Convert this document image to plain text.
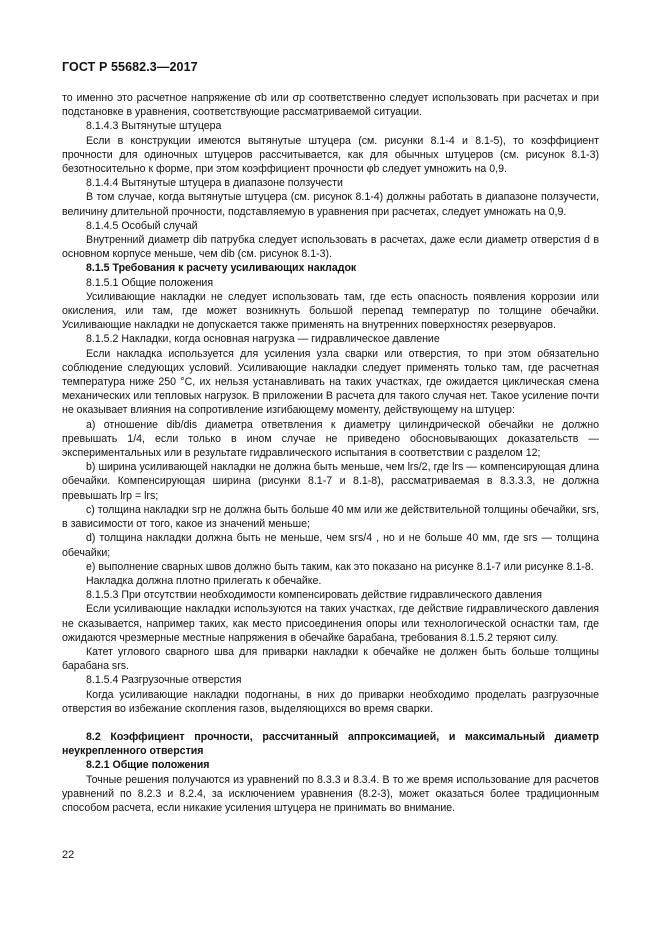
ГОСТ Р 55682.3—2017

то именно это расчетное напряжение σb или σp соответственно следует использовать при расчетах и при подстановке в уравнения, соответствующие рассматриваемой ситуации.

8.1.4.3 Вытянутые штуцера

Если в конструкции имеются вытянутые штуцера (см. рисунки 8.1-4 и 8.1-5), то коэффициент прочности для одиночных штуцеров рассчитывается, как для обычных штуцеров (см. рисунок 8.1-3) безотносительно к форме, при этом коэффициент прочности φb следует умножить на 0,9.

8.1.4.4 Вытянутые штуцера в диапазоне ползучести

В том случае, когда вытянутые штуцера (см. рисунок 8.1-4) должны работать в диапазоне ползучести, величину длительной прочности, подставляемую в уравнения при расчетах, следует умножать на 0,9.

8.1.4.5 Особый случай

Внутренний диаметр dib патрубка следует использовать в расчетах, даже если диаметр отверстия d в основном корпусе меньше, чем dib (см. рисунок 8.1-3).

8.1.5 Требования к расчету усиливающих накладок

8.1.5.1 Общие положения

Усиливающие накладки не следует использовать там, где есть опасность появления коррозии или окисления, или там, где может возникнуть большой перепад температур по толщине обечайки. Усиливающие накладки не допускается также применять на внутренних поверхностях резервуаров.

8.1.5.2 Накладки, когда основная нагрузка — гидравлическое давление

Если накладка используется для усиления узла сварки или отверстия, то при этом обязательно соблюдение следующих условий. Усиливающие накладки следует применять только там, где расчетная температура ниже 250 °С, их нельзя устанавливать на таких участках, где ожидается циклическая смена механических или тепловых нагрузок. В приложении В расчета для такого случая нет. Такое усиление почти не оказывает влияния на сопротивление изгибающему моменту, действующему на штуцер:

a) отношение dib/dis диаметра ответвления к диаметру цилиндрической обечайки не должно превышать 1/4, если только в ином случае не приведено обосновывающих доказательств — экспериментальных или в результате гидравлического испытания в соответствии с разделом 12;

b) ширина усиливающей накладки не должна быть меньше, чем lrs/2, где lrs — компенсирующая длина обечайки. Компенсирующая ширина (рисунки 8.1-7 и 8.1-8), рассматриваемая в 8.3.3.3, не должна превышать lrp = lrs;

c) толщина накладки srp не должна быть больше 40 мм или же действительной толщины обечайки, srs, в зависимости от того, какое из значений меньше;

d) толщина накладки должна быть не меньше, чем srs/4 , но и не больше 40 мм, где srs — толщина обечайки;

e) выполнение сварных швов должно быть таким, как это показано на рисунке 8.1-7 или рисунке 8.1-8.

Накладка должна плотно прилегать к обечайке.

8.1.5.3 При отсутствии необходимости компенсировать действие гидравлического давления

Если усиливающие накладки используются на таких участках, где действие гидравлического давления не сказывается, например таких, как место присоединения опоры или технологической оснастки там, где ожидаются чрезмерные местные напряжения в обечайке барабана, требования 8.1.5.2 теряют силу.

Катет углового сварного шва для приварки накладки к обечайке не должен быть больше толщины барабана srs.

8.1.5.4 Разгрузочные отверстия

Когда усиливающие накладки подогнаны, в них до приварки необходимо проделать разгрузочные отверстия во избежание скопления газов, выделяющихся во время сварки.

8.2 Коэффициент прочности, рассчитанный аппроксимацией, и максимальный диаметр неукрепленного отверстия

8.2.1 Общие положения

Точные решения получаются из уравнений по 8.3.3 и 8.3.4. В то же время использование для расчетов уравнений по 8.2.3 и 8.2.4, за исключением уравнения (8.2-3), может оказаться более традиционным способом расчета, если никакие усиления штуцера не принимать во внимание.

22
